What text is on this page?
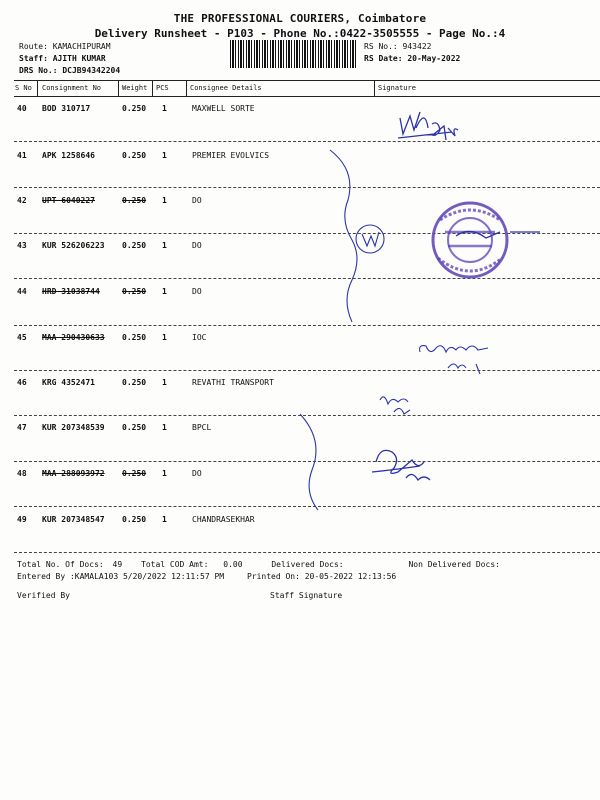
THE PROFESSIONAL COURIERS, Coimbatore
Delivery Runsheet - P103 - Phone No.:0422-3505555 - Page No.:4
Route: KAMACHIPURAM
Staff: AJITH KUMAR
DRS No.: DCJB94342204
RS No.: 943422
RS Date: 20-May-2022
S No Consignment No	Weight PCS	Consignee Details	Signature
40 BOD 310717	0.250 1	MAXWELL SORTE
41 APK 1258646	0.250 1	PREMIER EVOLVICS
42 UPT 6040227	0.250 1	DO
43 KUR 526206223 0.250 1	DO
44 HRD 31038744	0.250 1	DO
45 MAA 290430633 0.250 1	IOC
46 KRG 4352471	0.250 1	REVATHI TRANSPORT
47 KUR 207348539 0.250 1	BPCL
48 MAA 288093972 0.250 1	DO
49 KUR 207348547 0.250 1	CHANDRASEKHAR
Total No. Of Docs: 49 Total COD Amt: 0.00	Delivered Docs:	Non Delivered Docs:
Entered By :KAMALA103 5/20/2022 12:11:57 PM	Printed On: 20-05-2022 12:13:56
Verified By	Staff Signature
